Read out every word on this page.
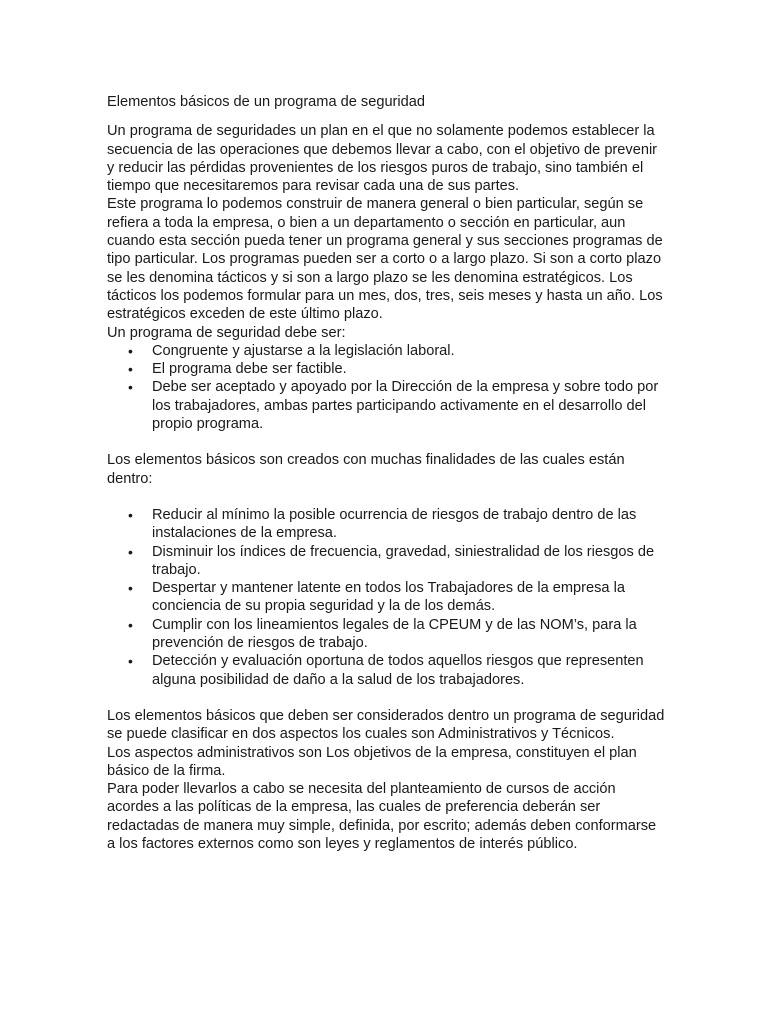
Elementos básicos de un programa de seguridad

Un programa de seguridades un plan en el que no solamente podemos establecer la secuencia de las operaciones que debemos llevar a cabo, con el objetivo de prevenir y reducir las pérdidas provenientes de los riesgos puros de trabajo, sino también el tiempo que necesitaremos para revisar cada una de sus partes.

Este programa lo podemos construir de manera general o bien particular, según se refiera a toda la empresa, o bien a un departamento o sección en particular, aun cuando esta sección pueda tener un programa general y sus secciones programas de tipo particular. Los programas pueden ser a corto o a largo plazo. Si son a corto plazo se les denomina tácticos y si son a largo plazo se les denomina estratégicos. Los tácticos los podemos formular para un mes, dos, tres, seis meses y hasta un año. Los estratégicos exceden de este último plazo.

Un programa de seguridad debe ser:

• Congruente y ajustarse a la legislación laboral.
• El programa debe ser factible.
• Debe ser aceptado y apoyado por la Dirección de la empresa y sobre todo por los trabajadores, ambas partes participando activamente en el desarrollo del propio programa.

Los elementos básicos son creados con muchas finalidades de las cuales están dentro:

• Reducir al mínimo la posible ocurrencia de riesgos de trabajo dentro de las instalaciones de la empresa.
• Disminuir los índices de frecuencia, gravedad, siniestralidad de los riesgos de trabajo.
• Despertar y mantener latente en todos los Trabajadores de la empresa la conciencia de su propia seguridad y la de los demás.
• Cumplir con los lineamientos legales de la CPEUM y de las NOM’s, para la prevención de riesgos de trabajo.
• Detección y evaluación oportuna de todos aquellos riesgos que representen alguna posibilidad de daño a la salud de los trabajadores.

Los elementos básicos que deben ser considerados dentro un programa de seguridad se puede clasificar en dos aspectos los cuales son Administrativos y Técnicos.

Los aspectos administrativos son Los objetivos de la empresa, constituyen el plan básico de la firma.

Para poder llevarlos a cabo se necesita del planteamiento de cursos de acción acordes a las políticas de la empresa, las cuales de preferencia deberán ser redactadas de manera muy simple, definida, por escrito; además deben conformarse a los factores externos como son leyes y reglamentos de interés público.
